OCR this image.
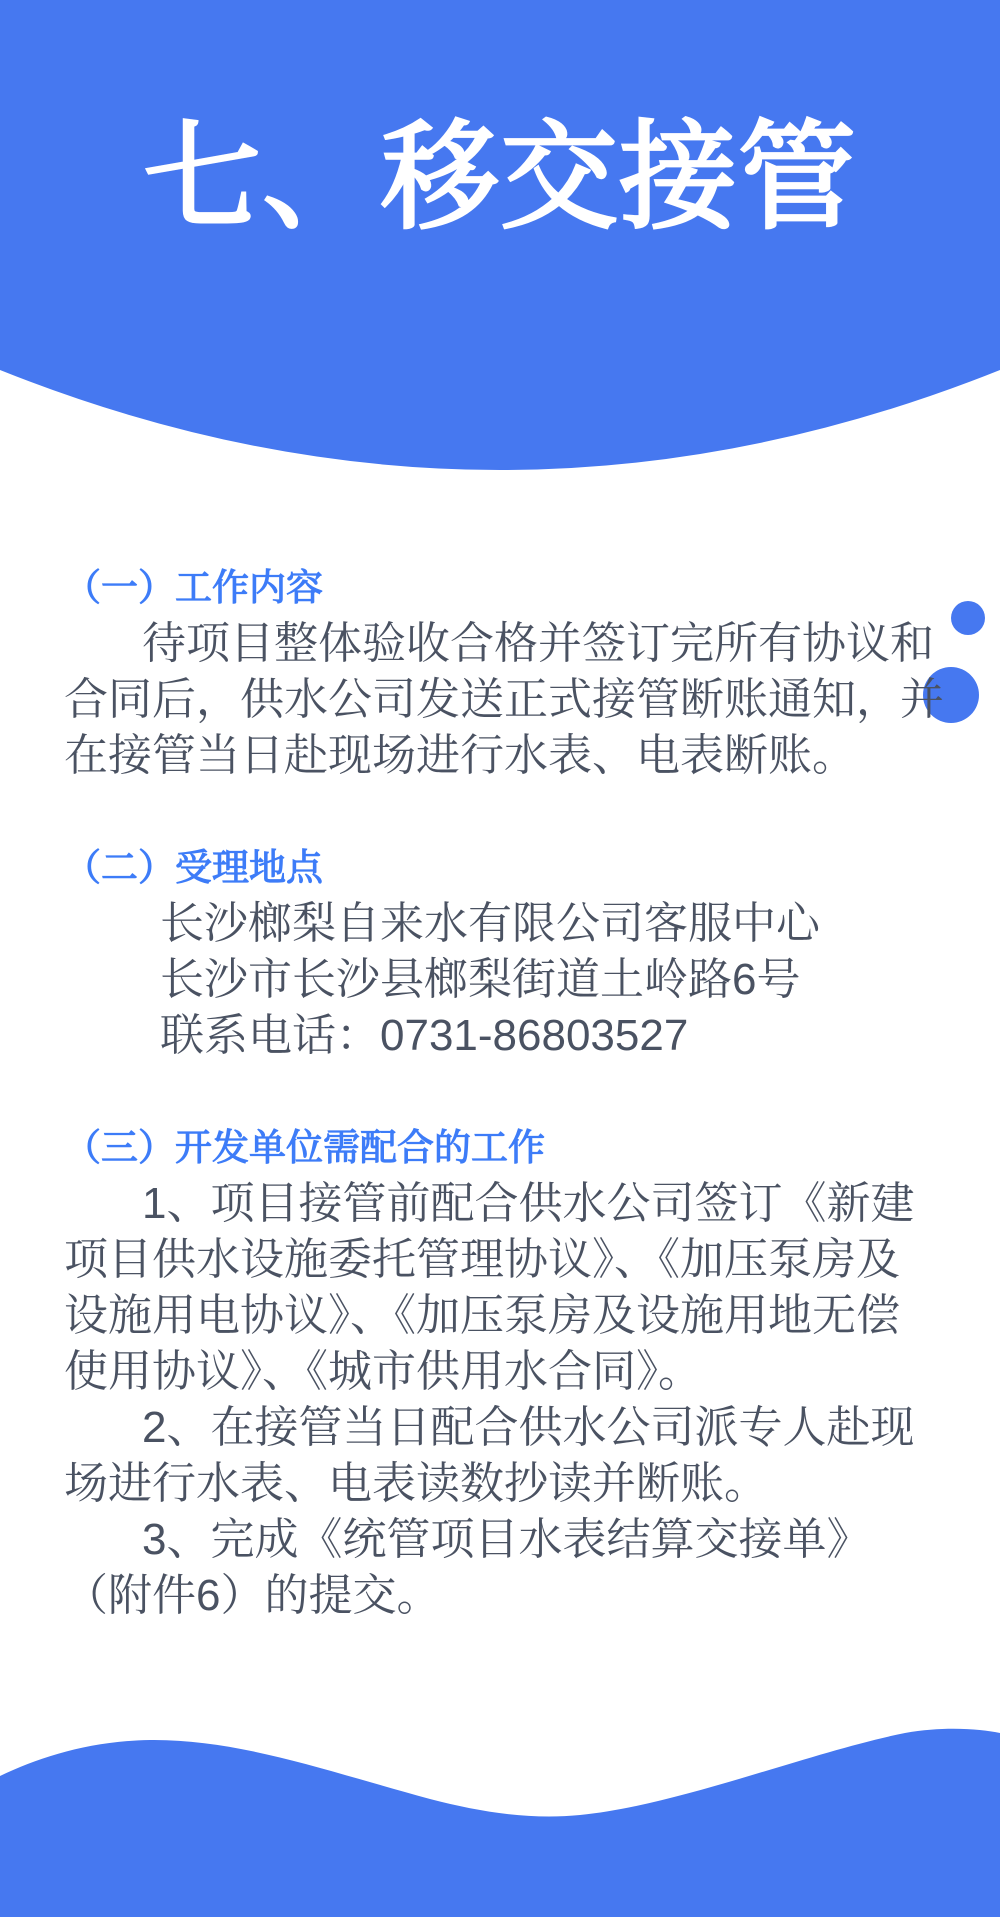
七、移交接管
（一）工作内容
待项目整体验收合格并签订完所有协议和
合同后，供水公司发送正式接管断账通知，并
在接管当日赴现场进行水表、电表断账。
（二）受理地点
长沙榔梨自来水有限公司客服中心
长沙市长沙县榔梨街道土岭路6号
联系电话：0731-86803527
（三）开发单位需配合的工作
1、项目接管前配合供水公司签订《新建
项目供水设施委托管理协议》、《加压泵房及
设施用电协议》、《加压泵房及设施用地无偿
使用协议》、《城市供用水合同》。
2、在接管当日配合供水公司派专人赴现
场进行水表、电表读数抄读并断账。
3、完成《统管项目水表结算交接单》
（附件6）的提交。
